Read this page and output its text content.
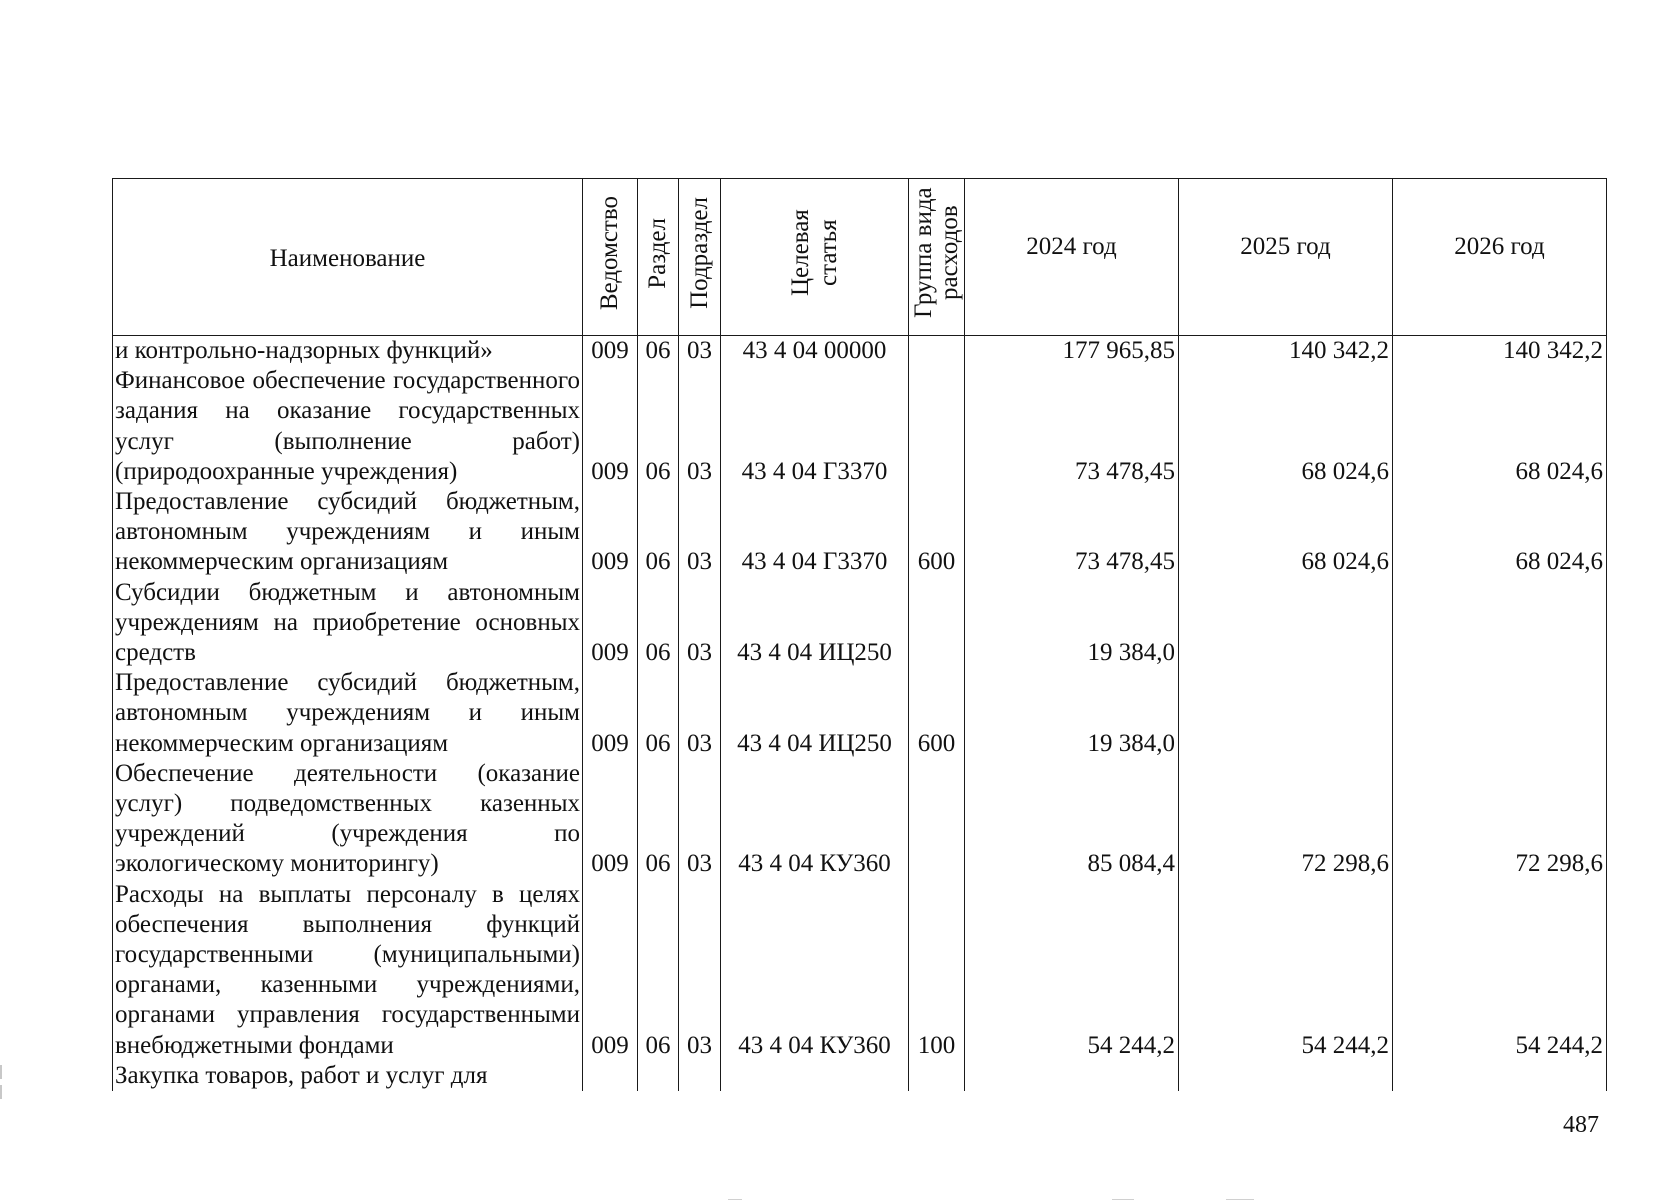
Наименование	Ведомство	Раздел	Подраздел	Целевая статья	Группа вида расходов	2024 год	2025 год	2026 год
и контрольно-надзорных функций»	009	06	03	43 4 04 00000		177 965,85	140 342,2	140 342,2
Финансовое обеспечение государственного задания на оказание государственных услуг (выполнение работ) (природоохранные учреждения)	009	06	03	43 4 04 Г3370		73 478,45	68 024,6	68 024,6
Предоставление субсидий бюджетным, автономным учреждениям и иным некоммерческим организациям	009	06	03	43 4 04 Г3370	600	73 478,45	68 024,6	68 024,6
Субсидии бюджетным и автономным учреждениям на приобретение основных средств	009	06	03	43 4 04 ИЦ250		19 384,0		
Предоставление субсидий бюджетным, автономным учреждениям и иным некоммерческим организациям	009	06	03	43 4 04 ИЦ250	600	19 384,0		
Обеспечение деятельности (оказание услуг) подведомственных казенных учреждений (учреждения по экологическому мониторингу)	009	06	03	43 4 04 КУ360		85 084,4	72 298,6	72 298,6
Расходы на выплаты персоналу в целях обеспечения выполнения функций государственными (муниципальными) органами, казенными учреждениями, органами управления государственными внебюджетными фондами	009	06	03	43 4 04 КУ360	100	54 244,2	54 244,2	54 244,2
Закупка товаров, работ и услуг для								
487
